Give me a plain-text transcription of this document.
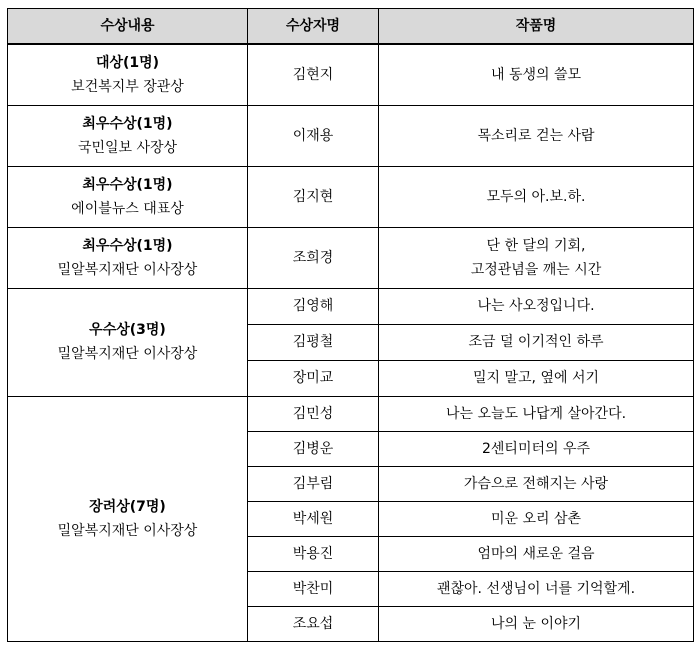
수상내용	수상자명	작품명

대상(1명)
보건복지부 장관상	김현지	내 동생의 쓸모

최우수상(1명)
국민일보 사장상	이재용	목소리로 걷는 사람

최우수상(1명)
에이블뉴스 대표상	김지현	모두의 아.보.하.

최우수상(1명)
밀알복지재단 이사장상	조희경	단 한 달의 기회,
고정관념을 깨는 시간

우수상(3명)
밀알복지재단 이사장상	김영해	나는 사오정입니다.

	김평철	조금 덜 이기적인 하루

	장미교	밀지 말고, 옆에 서기

장려상(7명)
밀알복지재단 이사장상	김민성	나는 오늘도 나답게 살아간다.

	김병운	2센티미터의 우주

	김부림	가슴으로 전해지는 사랑

	박세원	미운 오리 삼촌

	박용진	엄마의 새로운 걸음

	박찬미	괜찮아. 선생님이 너를 기억할게.

	조요섭	나의 눈 이야기
